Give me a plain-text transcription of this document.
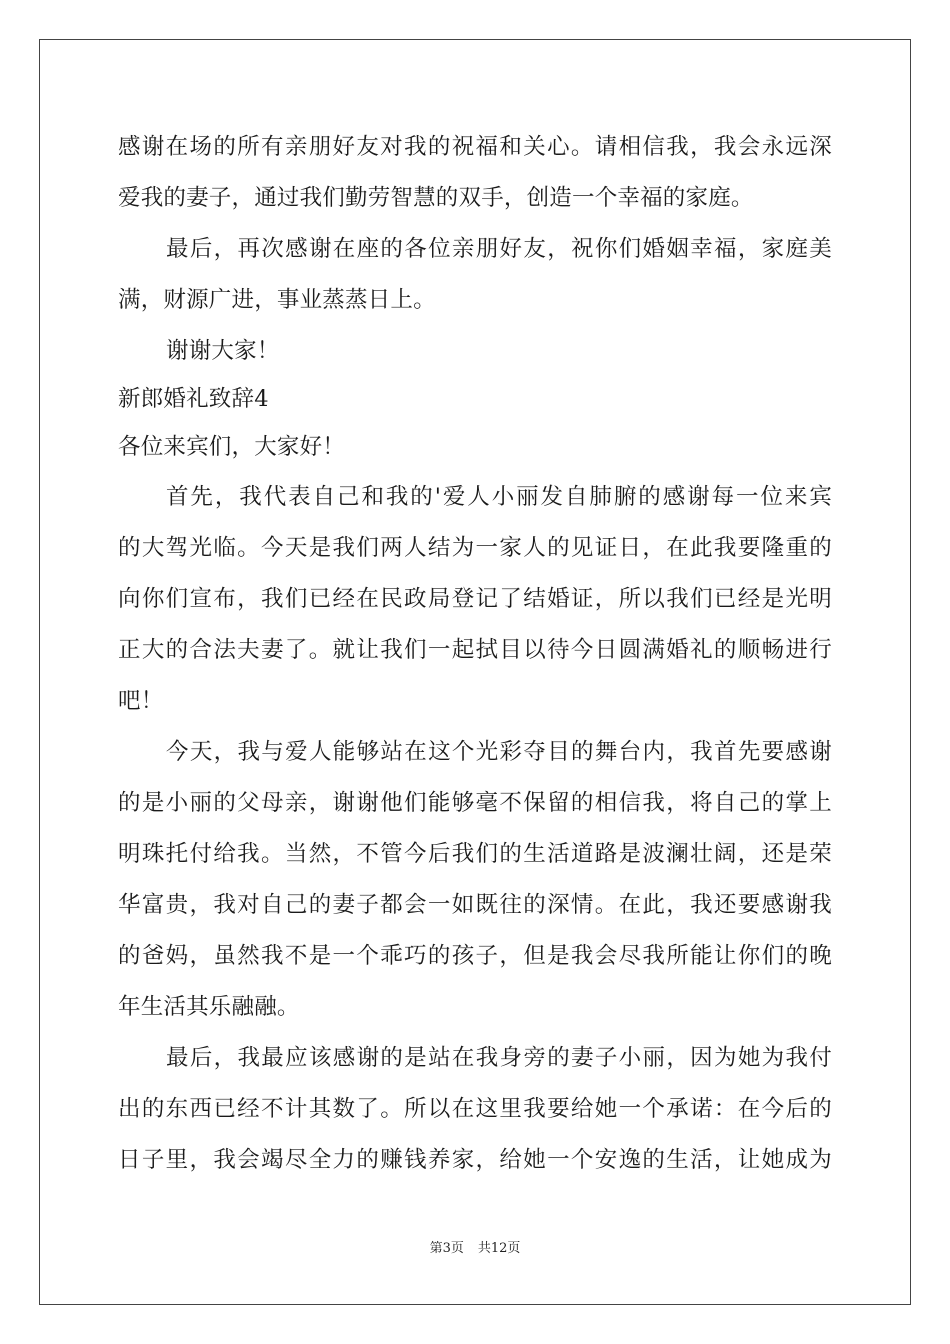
感谢在场的所有亲朋好友对我的祝福和关心。请相信我，我会永远深
爱我的妻子，通过我们勤劳智慧的双手，创造一个幸福的家庭。
最后，再次感谢在座的各位亲朋好友，祝你们婚姻幸福，家庭美
满，财源广进，事业蒸蒸日上。
谢谢大家！
新郎婚礼致辞4
各位来宾们，大家好！
首先，我代表自己和我的'爱人小丽发自肺腑的感谢每一位来宾
的大驾光临。今天是我们两人结为一家人的见证日，在此我要隆重的
向你们宣布，我们已经在民政局登记了结婚证，所以我们已经是光明
正大的合法夫妻了。就让我们一起拭目以待今日圆满婚礼的顺畅进行
吧！
今天，我与爱人能够站在这个光彩夺目的舞台内，我首先要感谢
的是小丽的父母亲，谢谢他们能够毫不保留的相信我，将自己的掌上
明珠托付给我。当然，不管今后我们的生活道路是波澜壮阔，还是荣
华富贵，我对自己的妻子都会一如既往的深情。在此，我还要感谢我
的爸妈，虽然我不是一个乖巧的孩子，但是我会尽我所能让你们的晚
年生活其乐融融。
最后，我最应该感谢的是站在我身旁的妻子小丽，因为她为我付
出的东西已经不计其数了。所以在这里我要给她一个承诺：在今后的
日子里，我会竭尽全力的赚钱养家，给她一个安逸的生活，让她成为
第3页 共12页
